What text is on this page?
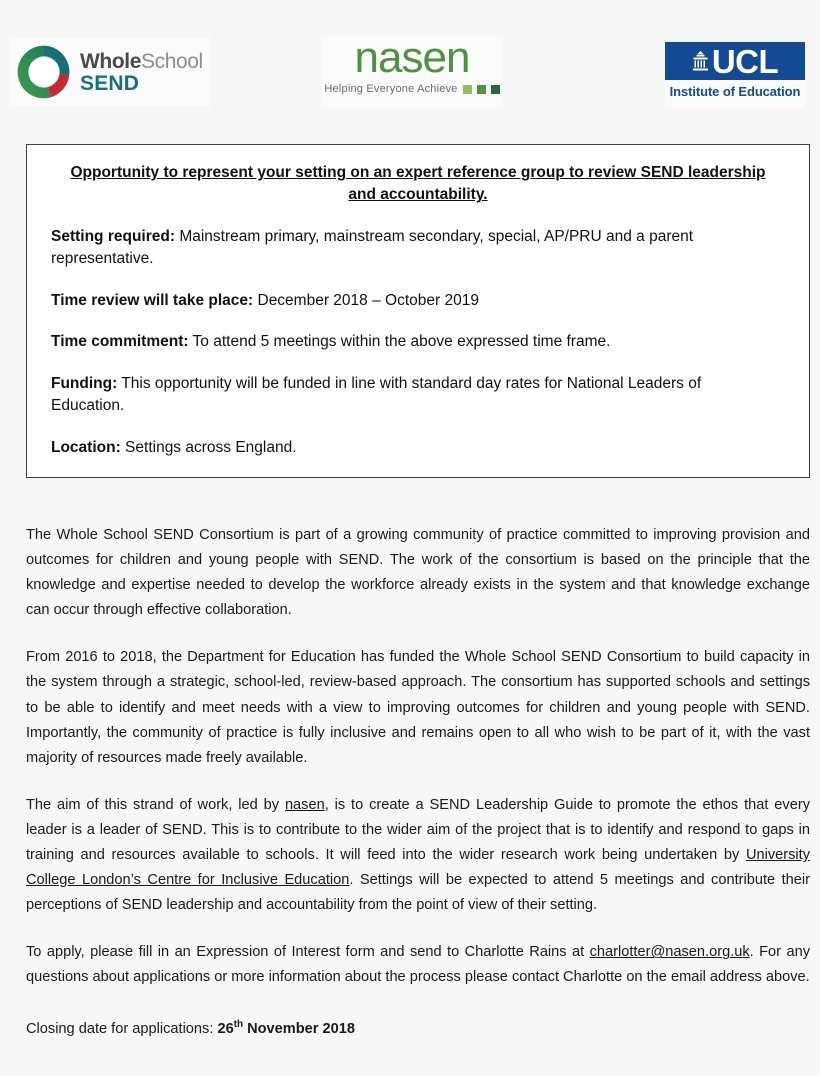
WholeSchool
SEND
nasen
Helping Everyone Achieve
UCL
Institute of Education
Opportunity to represent your setting on an expert reference group to review SEND leadership and accountability.
Setting required: Mainstream primary, mainstream secondary, special, AP/PRU and a parent representative.
Time review will take place: December 2018 – October 2019
Time commitment: To attend 5 meetings within the above expressed time frame.
Funding: This opportunity will be funded in line with standard day rates for National Leaders of Education.
Location: Settings across England.

The Whole School SEND Consortium is part of a growing community of practice committed to improving provision and outcomes for children and young people with SEND. The work of the consortium is based on the principle that the knowledge and expertise needed to develop the workforce already exists in the system and that knowledge exchange can occur through effective collaboration.

From 2016 to 2018, the Department for Education has funded the Whole School SEND Consortium to build capacity in the system through a strategic, school-led, review-based approach. The consortium has supported schools and settings to be able to identify and meet needs with a view to improving outcomes for children and young people with SEND. Importantly, the community of practice is fully inclusive and remains open to all who wish to be part of it, with the vast majority of resources made freely available.

The aim of this strand of work, led by nasen, is to create a SEND Leadership Guide to promote the ethos that every leader is a leader of SEND. This is to contribute to the wider aim of the project that is to identify and respond to gaps in training and resources available to schools. It will feed into the wider research work being undertaken by University College London’s Centre for Inclusive Education. Settings will be expected to attend 5 meetings and contribute their perceptions of SEND leadership and accountability from the point of view of their setting.

To apply, please fill in an Expression of Interest form and send to Charlotte Rains at charlotter@nasen.org.uk. For any questions about applications or more information about the process please contact Charlotte on the email address above.

Closing date for applications: 26th November 2018
